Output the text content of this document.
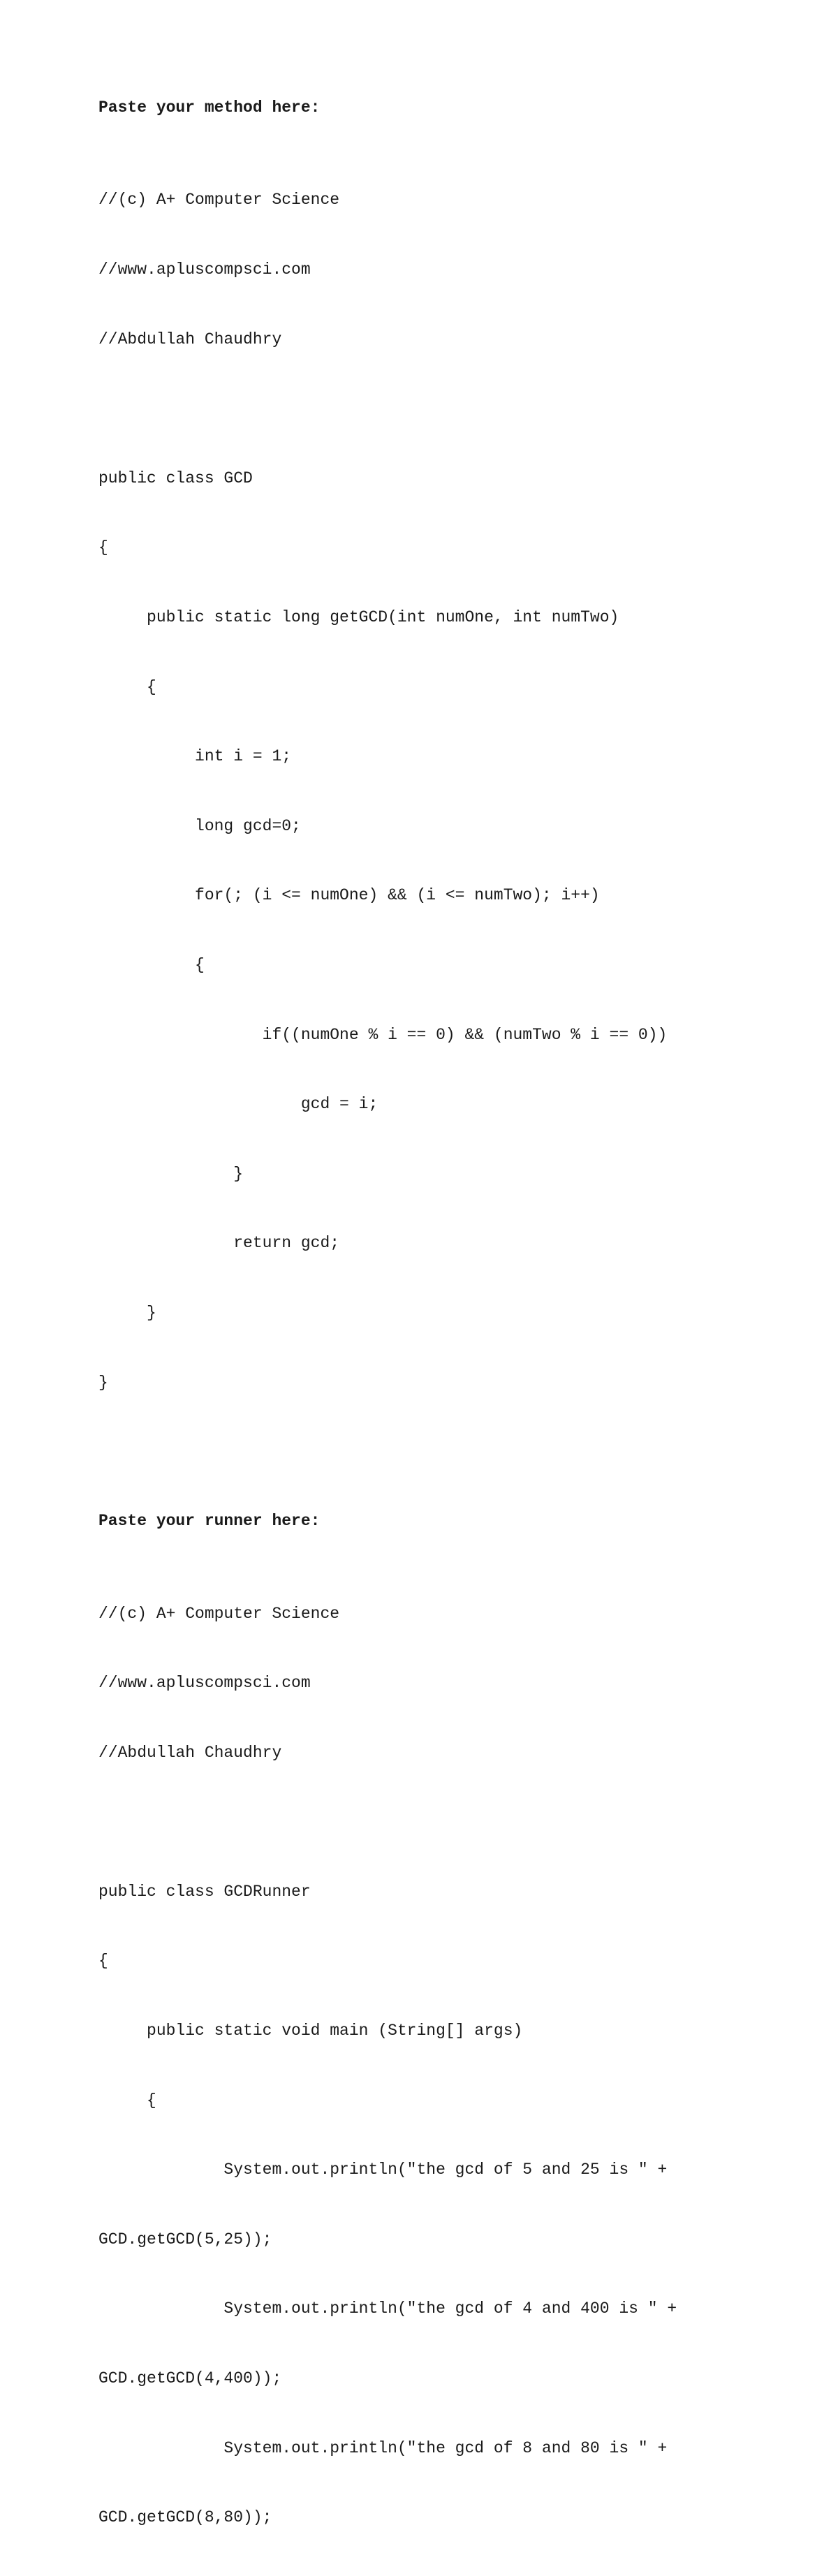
Paste your method here:

//(c) A+ Computer Science

//www.apluscompsci.com

//Abdullah Chaudhry

public class GCD

{

public static long getGCD(int numOne, int numTwo)

{

int i = 1;

long gcd=0;

for(; (i <= numOne) && (i <= numTwo); i++)

{

if((numOne % i == 0) && (numTwo % i == 0))

gcd = i;

}

return gcd;

}

}

Paste your runner here:

//(c) A+ Computer Science

//www.apluscompsci.com

//Abdullah Chaudhry

public class GCDRunner

{

public static void main (String[] args)

{

System.out.println("the gcd of 5 and 25 is " +

GCD.getGCD(5,25));

System.out.println("the gcd of 4 and 400 is " +

GCD.getGCD(4,400));

System.out.println("the gcd of 8 and 80 is " +

GCD.getGCD(8,80));
